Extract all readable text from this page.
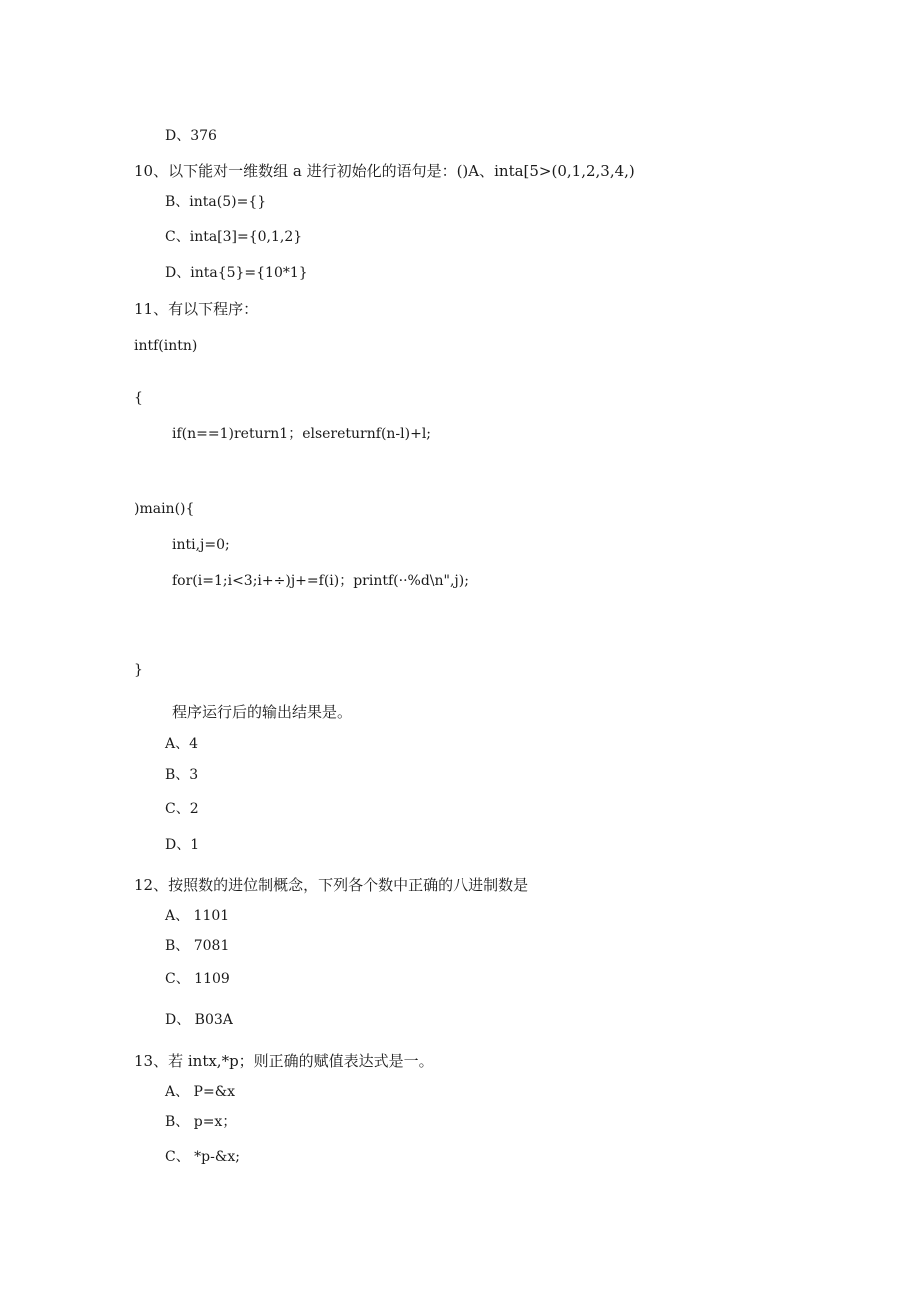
D、376
10、以下能对一维数组 a 进行初始化的语句是：()A、inta[5>(0,1,2,3,4,)
B、inta(5)={}
C、inta[3]={0,1,2}
D、inta{5}={10*1}
11、有以下程序：
intf(intn)
{
if(n==1)return1；elsereturnf(n-l)+l;
)main(){
inti,j=0;
for(i=1;i<3;i+÷)j+=f(i)；printf(··%d\n",j);
}
程序运行后的输出结果是。
A、4
B、3
C、2
D、1
12、按照数的进位制概念，下列各个数中正确的八进制数是
A、 1101
B、 7081
C、 1109
D、 B03A
13、若 intx,*p；则正确的赋值表达式是一。
A、 P=&x
B、 p=x；
C、 *p-&x;
